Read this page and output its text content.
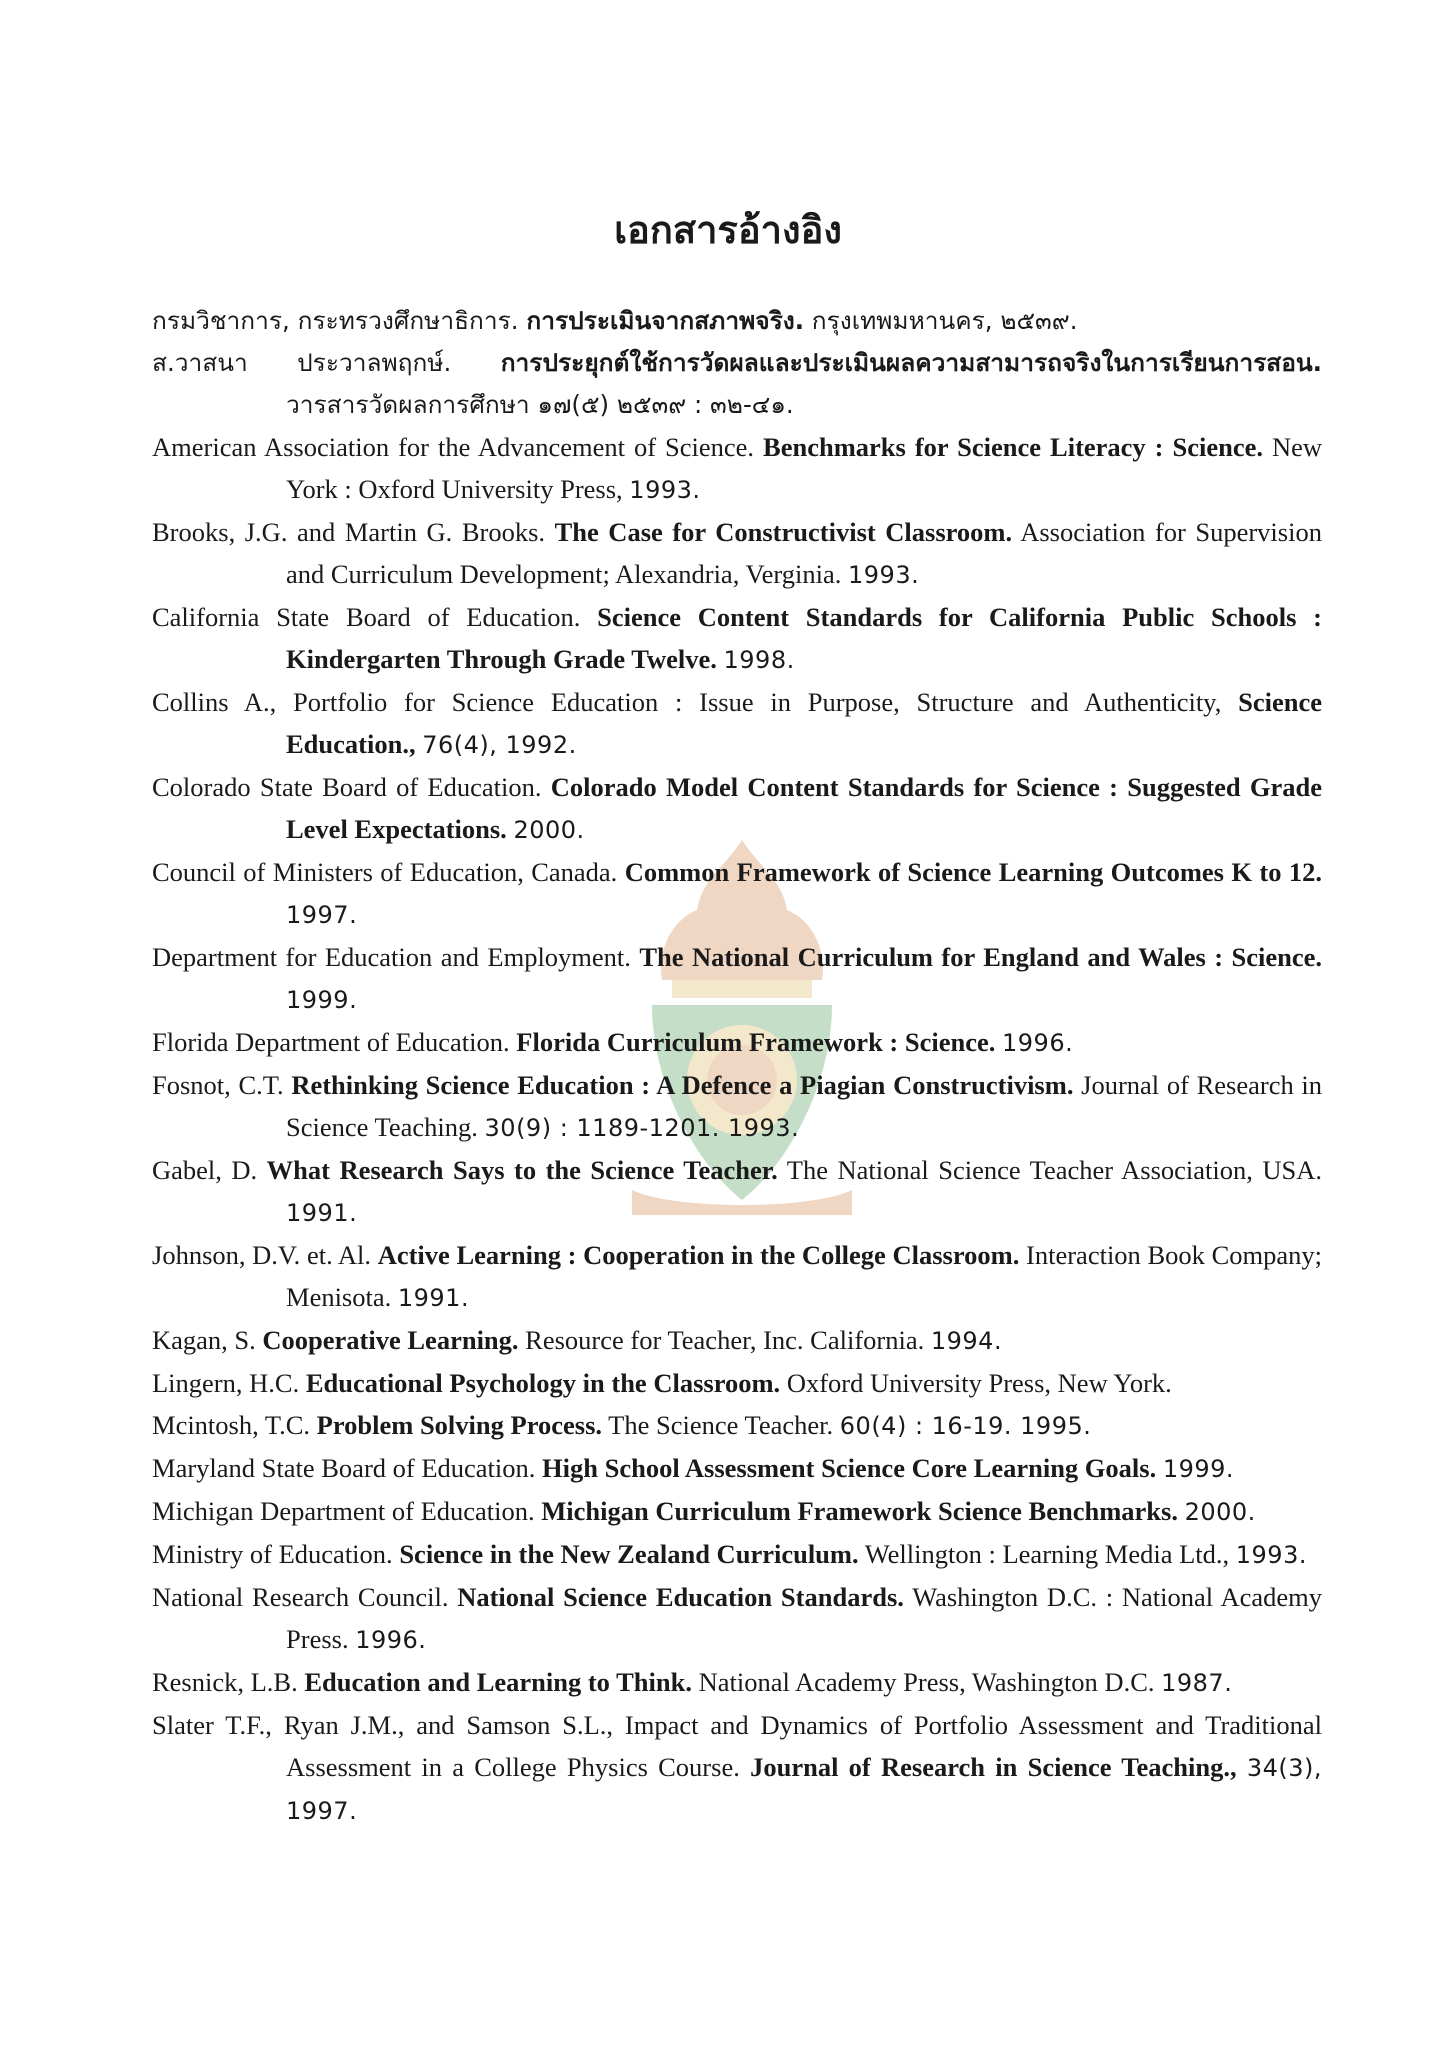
เอกสารอ้างอิง
กรมวิชาการ, กระทรวงศึกษาธิการ. การประเมินจากสภาพจริง. กรุงเทพมหานคร, ๒๕๓๙.
ส.วาสนา ประวาลพฤกษ์. การประยุกต์ใช้การวัดผลและประเมินผลความสามารถจริงในการเรียนการสอน. วารสารวัดผลการศึกษา ๑๗(๕) ๒๕๓๙ : ๓๒-๔๑.
American Association for the Advancement of Science. Benchmarks for Science Literacy : Science. New York : Oxford University Press, 1993.
Brooks, J.G. and Martin G. Brooks. The Case for Constructivist Classroom. Association for Supervision and Curriculum Development; Alexandria, Verginia. 1993.
California State Board of Education. Science Content Standards for California Public Schools : Kindergarten Through Grade Twelve. 1998.
Collins A., Portfolio for Science Education : Issue in Purpose, Structure and Authenticity, Science Education., 76(4), 1992.
Colorado State Board of Education. Colorado Model Content Standards for Science : Suggested Grade Level Expectations. 2000.
Council of Ministers of Education, Canada. Common Framework of Science Learning Outcomes K to 12. 1997.
Department for Education and Employment. The National Curriculum for England and Wales : Science. 1999.
Florida Department of Education. Florida Curriculum Framework : Science. 1996.
Fosnot, C.T. Rethinking Science Education : A Defence a Piagian Constructivism. Journal of Research in Science Teaching. 30(9) : 1189-1201. 1993.
Gabel, D. What Research Says to the Science Teacher. The National Science Teacher Association, USA. 1991.
Johnson, D.V. et. Al. Active Learning : Cooperation in the College Classroom. Interaction Book Company; Menisota. 1991.
Kagan, S. Cooperative Learning. Resource for Teacher, Inc. California. 1994.
Lingern, H.C. Educational Psychology in the Classroom. Oxford University Press, New York.
Mcintosh, T.C. Problem Solving Process. The Science Teacher. 60(4) : 16-19. 1995.
Maryland State Board of Education. High School Assessment Science Core Learning Goals. 1999.
Michigan Department of Education. Michigan Curriculum Framework Science Benchmarks. 2000.
Ministry of Education. Science in the New Zealand Curriculum. Wellington : Learning Media Ltd., 1993.
National Research Council. National Science Education Standards. Washington D.C. : National Academy Press. 1996.
Resnick, L.B. Education and Learning to Think. National Academy Press, Washington D.C. 1987.
Slater T.F., Ryan J.M., and Samson S.L., Impact and Dynamics of Portfolio Assessment and Traditional Assessment in a College Physics Course. Journal of Research in Science Teaching., 34(3), 1997.
